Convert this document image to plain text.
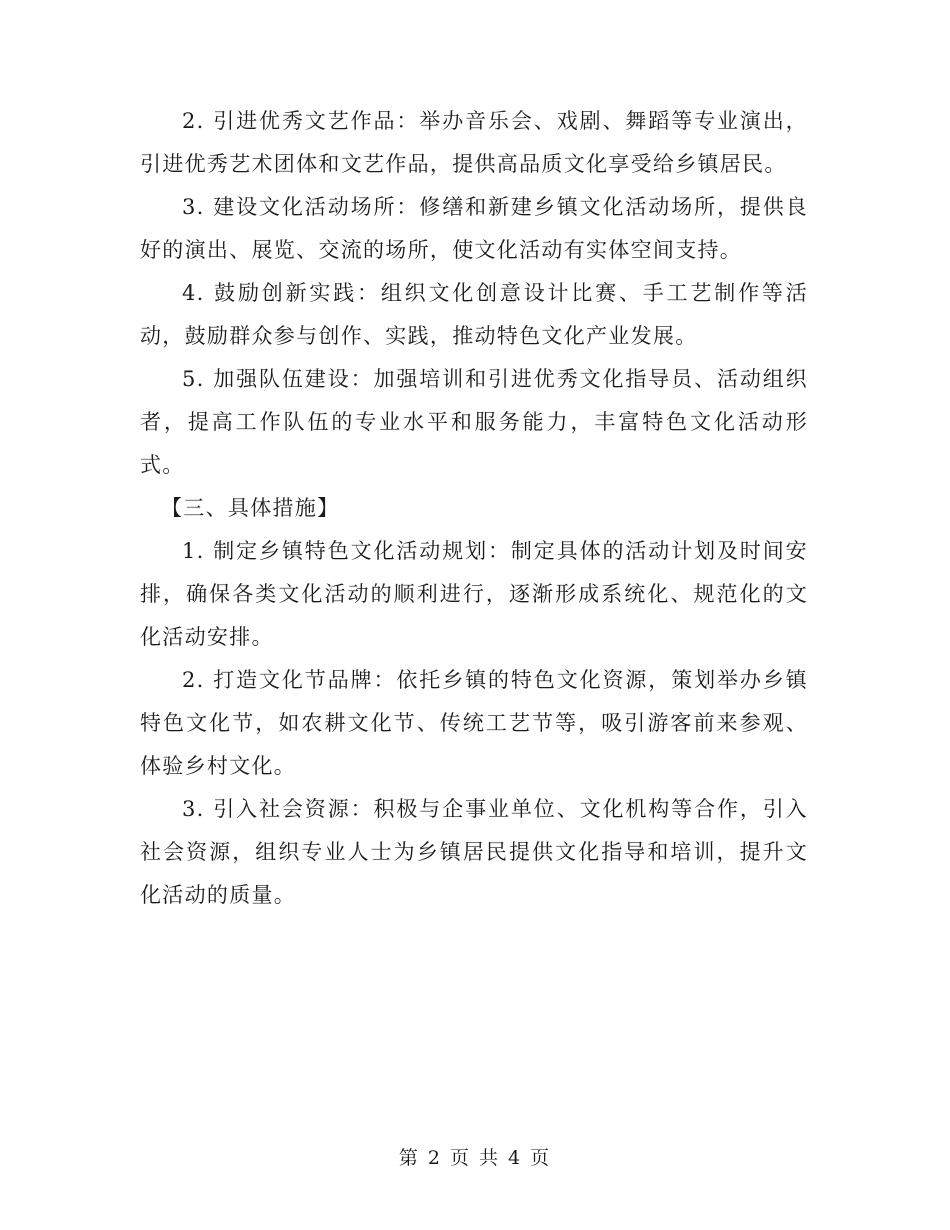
2. 引进优秀文艺作品：举办音乐会、戏剧、舞蹈等专业演出，引进优秀艺术团体和文艺作品，提供高品质文化享受给乡镇居民。

3. 建设文化活动场所：修缮和新建乡镇文化活动场所，提供良好的演出、展览、交流的场所，使文化活动有实体空间支持。

4. 鼓励创新实践：组织文化创意设计比赛、手工艺制作等活动，鼓励群众参与创作、实践，推动特色文化产业发展。

5. 加强队伍建设：加强培训和引进优秀文化指导员、活动组织者，提高工作队伍的专业水平和服务能力，丰富特色文化活动形式。

【三、具体措施】

1. 制定乡镇特色文化活动规划：制定具体的活动计划及时间安排，确保各类文化活动的顺利进行，逐渐形成系统化、规范化的文化活动安排。

2. 打造文化节品牌：依托乡镇的特色文化资源，策划举办乡镇特色文化节，如农耕文化节、传统工艺节等，吸引游客前来参观、体验乡村文化。

3. 引入社会资源：积极与企事业单位、文化机构等合作，引入社会资源，组织专业人士为乡镇居民提供文化指导和培训，提升文化活动的质量。

第 2 页 共 4 页
